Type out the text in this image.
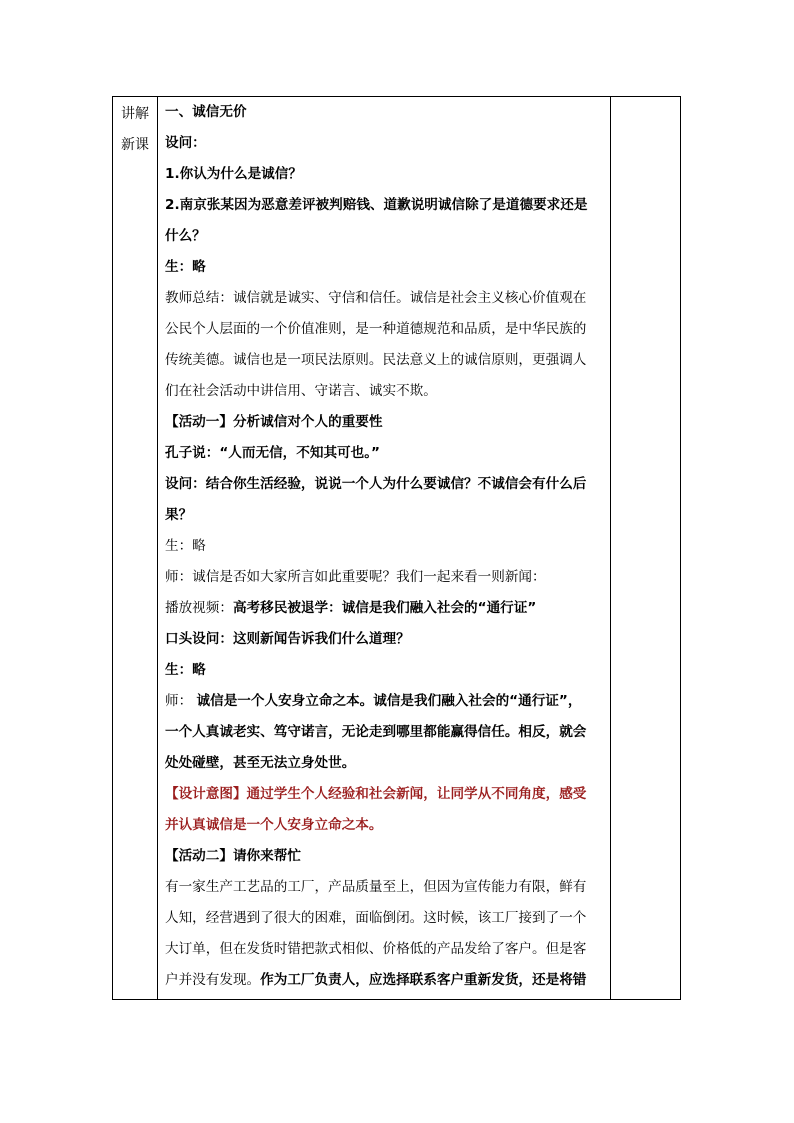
讲解
新课
一、诚信无价
设问：
1.你认为什么是诚信？
2.南京张某因为恶意差评被判赔钱、道歉说明诚信除了是道德要求还是
什么？
生：略
教师总结：诚信就是诚实、守信和信任。诚信是社会主义核心价值观在
公民个人层面的一个价值准则，是一种道德规范和品质，是中华民族的
传统美德。诚信也是一项民法原则。民法意义上的诚信原则，更强调人
们在社会活动中讲信用、守诺言、诚实不欺。
【活动一】分析诚信对个人的重要性
孔子说：“人而无信，不知其可也。”
设问：结合你生活经验，说说一个人为什么要诚信？不诚信会有什么后
果？
生：略
师：诚信是否如大家所言如此重要呢？我们一起来看一则新闻：
播放视频：高考移民被退学：诚信是我们融入社会的“通行证”
口头设问：这则新闻告诉我们什么道理？
生：略
师： 诚信是一个人安身立命之本。诚信是我们融入社会的“通行证”，
一个人真诚老实、笃守诺言，无论走到哪里都能赢得信任。相反，就会
处处碰壁，甚至无法立身处世。
【设计意图】通过学生个人经验和社会新闻，让同学从不同角度，感受
并认真诚信是一个人安身立命之本。
【活动二】请你来帮忙
有一家生产工艺品的工厂，产品质量至上，但因为宣传能力有限，鲜有
人知，经营遇到了很大的困难，面临倒闭。这时候，该工厂接到了一个
大订单，但在发货时错把款式相似、价格低的产品发给了客户。但是客
户并没有发现。作为工厂负责人，应选择联系客户重新发货，还是将错
